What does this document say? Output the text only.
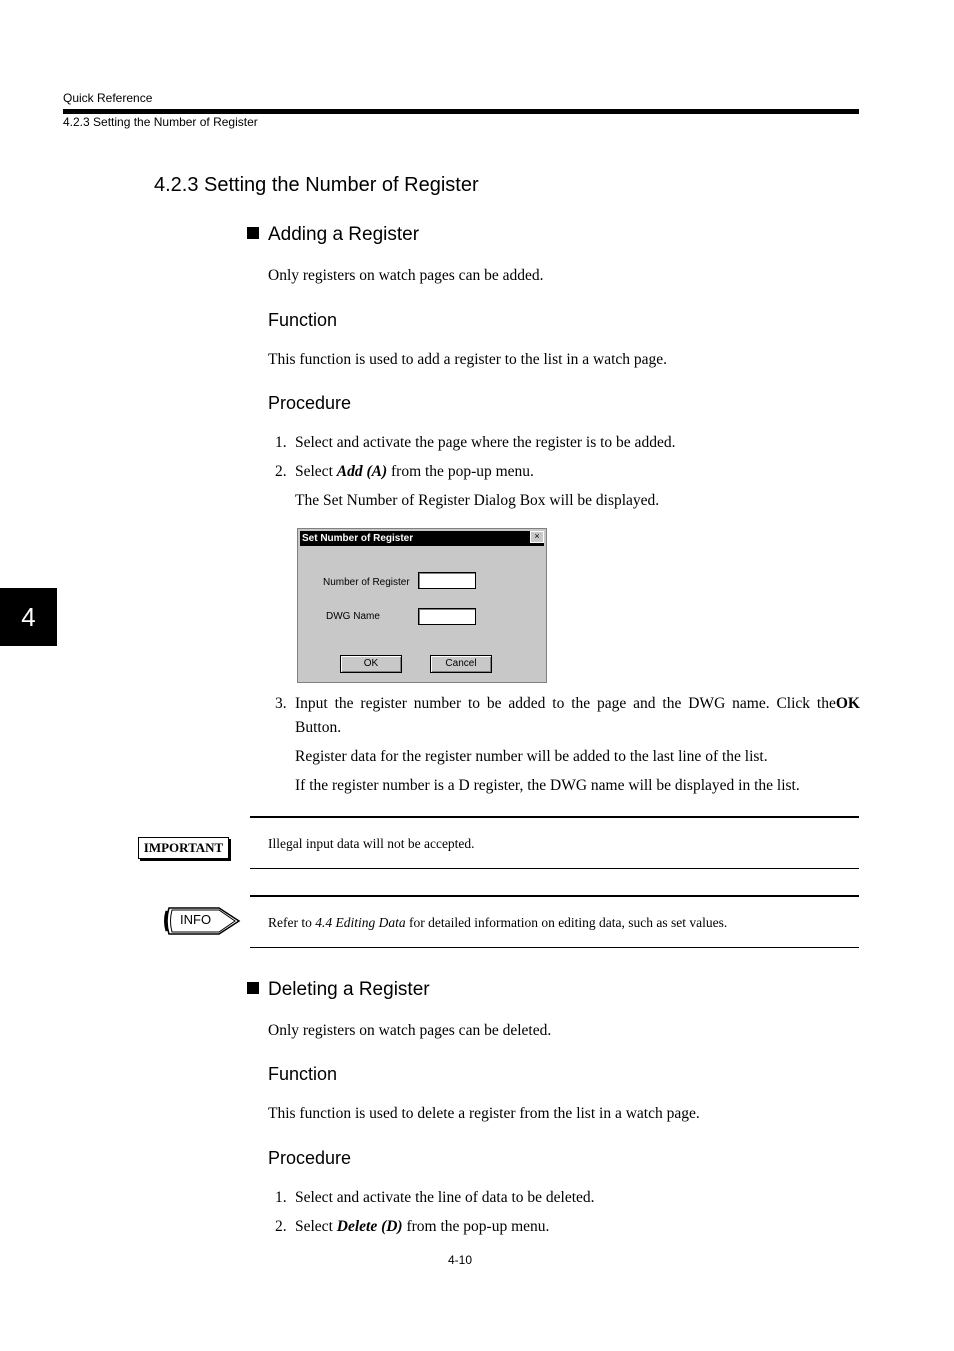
Quick Reference
4.2.3 Setting the Number of Register
4
4.2.3 Setting the Number of Register
Adding a Register
Only registers on watch pages can be added.
Function
This function is used to add a register to the list in a watch page.
Procedure
1. Select and activate the page where the register is to be added.
2. Select Add (A) from the pop-up menu.
The Set Number of Register Dialog Box will be displayed.
Set Number of Register	×
Number of Register
DWG Name
OK	Cancel
3. Input the register number to be added to the page and the DWG name. Click the OK
Button.
Register data for the register number will be added to the last line of the list.
If the register number is a D register, the DWG name will be displayed in the list.
IMPORTANT	Illegal input data will not be accepted.
INFO	Refer to 4.4 Editing Data for detailed information on editing data, such as set values.
Deleting a Register
Only registers on watch pages can be deleted.
Function
This function is used to delete a register from the list in a watch page.
Procedure
1. Select and activate the line of data to be deleted.
2. Select Delete (D) from the pop-up menu.
4-10
